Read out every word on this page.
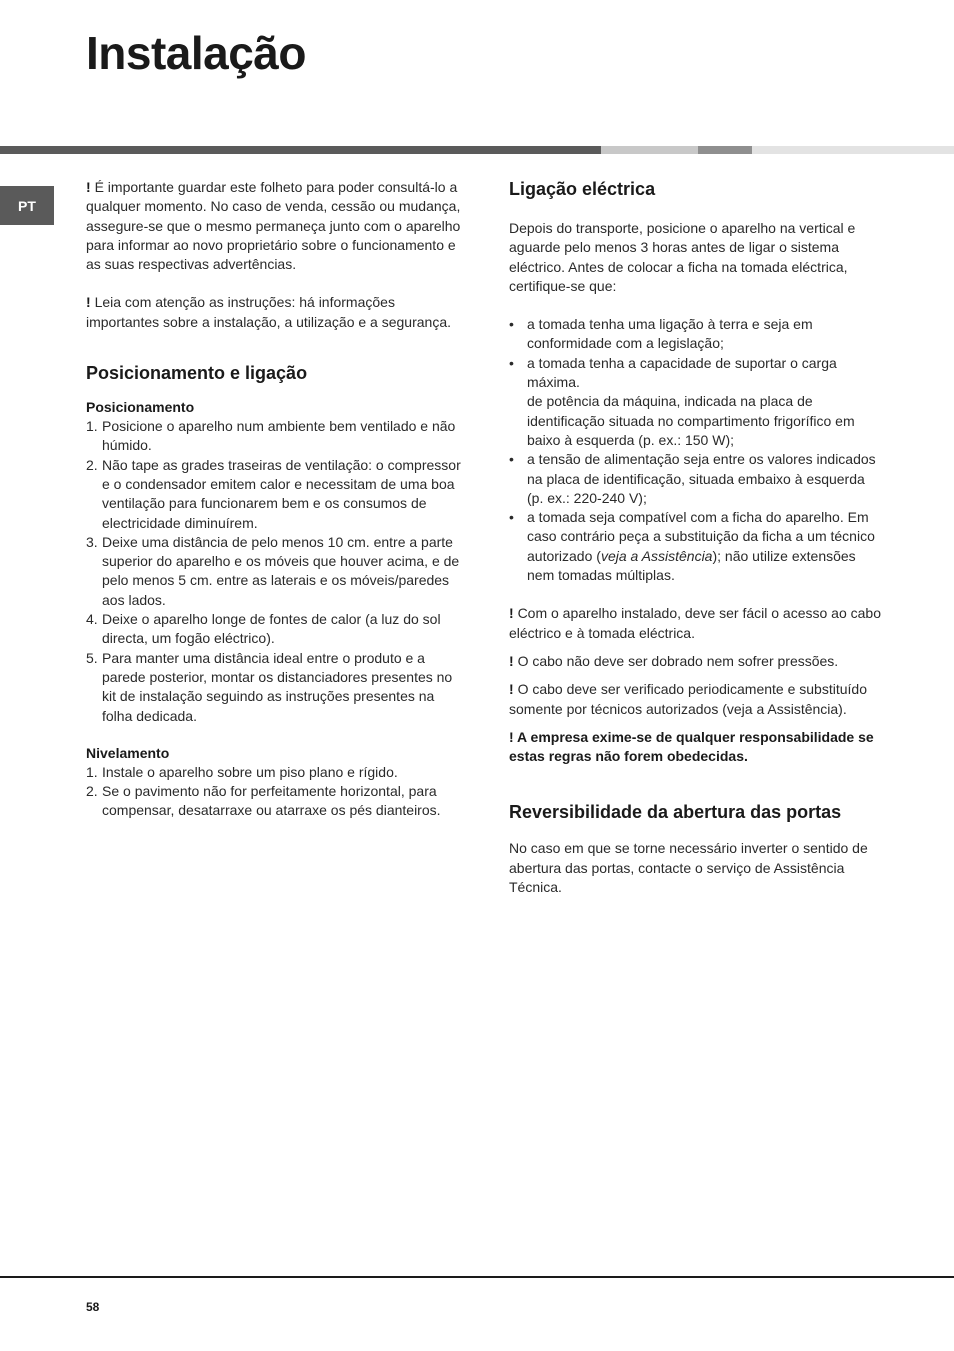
Instalação
PT

! É importante guardar este folheto para poder consultá-lo a qualquer momento. No caso de venda, cessão ou mudança, assegure-se que o mesmo permaneça junto com o aparelho para informar ao novo proprietário sobre o funcionamento e as suas respectivas advertências.

! Leia com atenção as instruções: há informações importantes sobre a instalação, a utilização e a segurança.

Posicionamento e ligação
Posicionamento
1. Posicione o aparelho num ambiente bem ventilado e não húmido.
2. Não tape as grades traseiras de ventilação: o compressor e o condensador emitem calor e necessitam de uma boa ventilação para funcionarem bem e os consumos de electricidade diminuírem.
3. Deixe uma distância de pelo menos 10 cm. entre a parte superior do aparelho e os móveis que houver acima, e de pelo menos 5 cm. entre as laterais e os móveis/paredes aos lados.
4. Deixe o aparelho longe de fontes de calor (a luz do sol directa, um fogão eléctrico).
5. Para manter uma distância ideal entre o produto e a parede posterior, montar os distanciadores presentes no kit de instalação seguindo as instruções presentes na folha dedicada.
Nivelamento
1. Instale o aparelho sobre um piso plano e rígido.
2. Se o pavimento não for perfeitamente horizontal, para compensar, desatarraxe ou atarraxe os pés dianteiros.
Ligação eléctrica

Depois do transporte, posicione o aparelho na vertical e aguarde pelo menos 3 horas antes de ligar o sistema eléctrico. Antes de colocar a ficha na tomada eléctrica, certifique-se que:

• a tomada tenha uma ligação à terra e seja em conformidade com a legislação;
• a tomada tenha a capacidade de suportar o carga máxima.
de potência da máquina, indicada na placa de identificação situada no compartimento frigorífico em baixo à esquerda (p. ex.: 150 W);
• a tensão de alimentação seja entre os valores indicados na placa de identificação, situada embaixo à esquerda (p. ex.: 220-240 V);
• a tomada seja compatível com a ficha do aparelho. Em caso contrário peça a substituição da ficha a um técnico autorizado (veja a Assistência); não utilize extensões nem tomadas múltiplas.

! Com o aparelho instalado, deve ser fácil o acesso ao cabo eléctrico e à tomada eléctrica.

! O cabo não deve ser dobrado nem sofrer pressões.

! O cabo deve ser verificado periodicamente e substituído somente por técnicos autorizados (veja a Assistência).

! A empresa exime-se de qualquer responsabilidade se estas regras não forem obedecidas.

Reversibilidade da abertura das portas

No caso em que se torne necessário inverter o sentido de abertura das portas, contacte o serviço de Assistência Técnica.

58
